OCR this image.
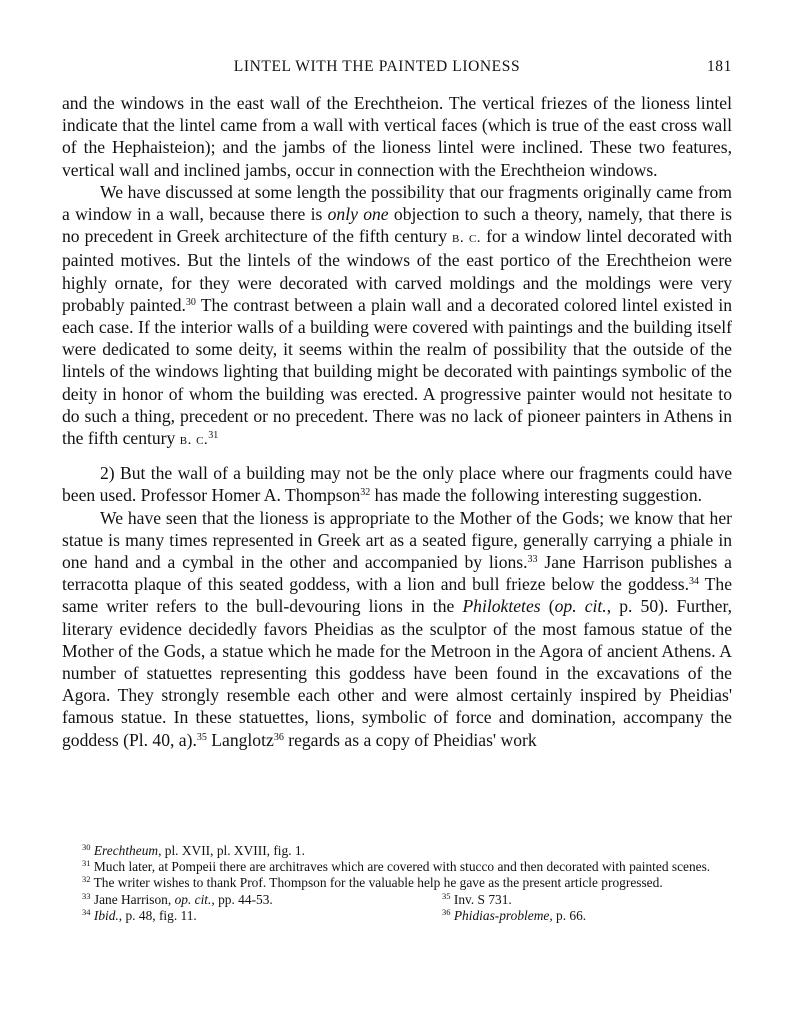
LINTEL WITH THE PAINTED LIONESS	181

and the windows in the east wall of the Erechtheion. The vertical friezes of the lioness lintel indicate that the lintel came from a wall with vertical faces (which is true of the east cross wall of the Hephaisteion); and the jambs of the lioness lintel were inclined. These two features, vertical wall and inclined jambs, occur in connection with the Erechtheion windows.

We have discussed at some length the possibility that our fragments originally came from a window in a wall, because there is only one objection to such a theory, namely, that there is no precedent in Greek architecture of the fifth century b. c. for a window lintel decorated with painted motives. But the lintels of the windows of the east portico of the Erechtheion were highly ornate, for they were decorated with carved moldings and the moldings were very probably painted.$^{30}$ The contrast between a plain wall and a decorated colored lintel existed in each case. If the interior walls of a building were covered with paintings and the building itself were dedicated to some deity, it seems within the realm of possibility that the outside of the lintels of the windows lighting that building might be decorated with paintings symbolic of the deity in honor of whom the building was erected. A progressive painter would not hesitate to do such a thing, precedent or no precedent. There was no lack of pioneer painters in Athens in the fifth century b. c.$^{31}$

2) But the wall of a building may not be the only place where our fragments could have been used. Professor Homer A. Thompson$^{32}$ has made the following interesting suggestion.

We have seen that the lioness is appropriate to the Mother of the Gods; we know that her statue is many times represented in Greek art as a seated figure, generally carrying a phiale in one hand and a cymbal in the other and accompanied by lions.$^{33}$ Jane Harrison publishes a terracotta plaque of this seated goddess, with a lion and bull frieze below the goddess.$^{34}$ The same writer refers to the bull-devouring lions in the Philoktetes (op. cit., p. 50). Further, literary evidence decidedly favors Pheidias as the sculptor of the most famous statue of the Mother of the Gods, a statue which he made for the Metroon in the Agora of ancient Athens. A number of statuettes representing this goddess have been found in the excavations of the Agora. They strongly resemble each other and were almost certainly inspired by Pheidias' famous statue. In these statuettes, lions, symbolic of force and domination, accompany the goddess (Pl. 40, a).$^{35}$ Langlotz$^{36}$ regards as a copy of Pheidias' work

$^{30}$ Erechtheum, pl. XVII, pl. XVIII, fig. 1.

$^{31}$ Much later, at Pompeii there are architraves which are covered with stucco and then decorated with painted scenes.

$^{32}$ The writer wishes to thank Prof. Thompson for the valuable help he gave as the present article progressed.

$^{33}$ Jane Harrison, op. cit., pp. 44-53.	$^{35}$ Inv. S 731.
$^{34}$ Ibid., p. 48, fig. 11.	$^{36}$ Phidias-probleme, p. 66.
